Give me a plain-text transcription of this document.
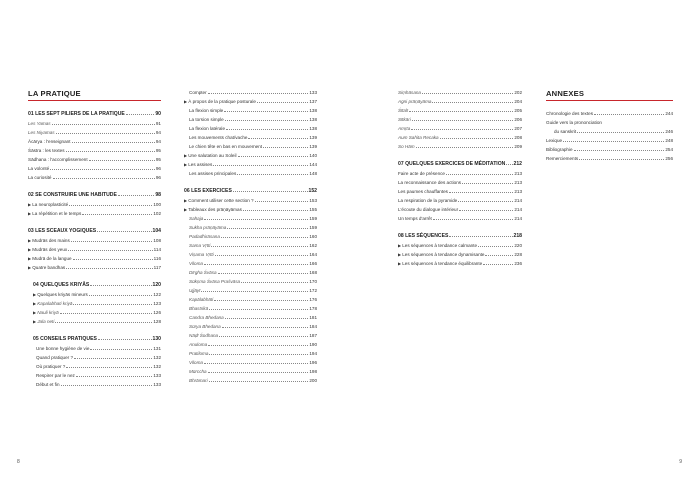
LA PRATIQUE
01 LES SEPT PILIERS DE LA PRATIQUE	90
Les Yamas	91
Les Niyamas	94
Ācārya : l'enseignant	94
Śāstra : les textes	95
Sādhana : l'accomplissement	95
La volonté	96
La curiosité	96
02 SE CONSTRUIRE UNE HABITUDE	98
▶ La neuroplasticité	100
▶ La répétition et le temps	102
03 LES SCEAUX YOGIQUES	104
▶ Mudrās des mains	108
▶ Mudrās des yeux	114
▶ Mudrā de la langue	116
▶ Quatre bandhas	117
04 QUELQUES KRIYĀS	120
▶ Quelques kriyās mineurs	122
▶ Kapalabhati kriyā	123
▶ Nauli kriyā	126
▶ Jala neti	128
05 CONSEILS PRATIQUES	130
Une bonne hygiène de vie	131
Quand pratiquer ?	132
Où pratiquer ?	132
Respirer par le nez	133
Début et fin	133
Compter	133
▶ À propos de la pratique posturale	137
La flexion simple	138
La torsion simple	138
La flexion latérale	138
Les mouvements chat/vache	139
Le chien tête en bas en mouvement	139
▶ Une salutation au Soleil	140
▶ Les assises	144
Les assises principales	148
06 LES EXERCICES	152
▶ Comment utiliser cette section ?	153
▶ Tableaux des prāṇāyāmas	155
Sahaja	159
Sukha prāṇāyāma	159
Padadhirāsana	160
Sama Vṛtti	162
Viṣama Vṛtti	164
Viloma	166
Dīrgha Śvāsa	168
Sūkṣma Śvāsa Praśvāsa	170
Ujjāyī	172
Kapālabhāti	176
Bhastrikā	178
Candra Bhedana	181
Sūrya Bhedana	184
Nāḍī Śodhana	187
Anuloma	190
Pratiloma	194
Vilomа	196
Mūrccha	198
Bhrāmari	200
Siṃhāsana	202
Agni prāṇāyāma	204
Śītalī	205
Sītkāri	206
Amṛta	207
Aum Sahita Recaka	208
So Hām	209
07 QUELQUES EXERCICES DE MÉDITATION 212
Faire acte de présence	213
La reconnaissance des actions	213
Les paumes chauffantes	213
La respiration de la pyramide	214
L'écoute du dialogue intérieur	214
Un temps d'arrêt	214
08 LES SÉQUENCES	218
▶ Les séquences à tendance calmante	220
▶ Les séquences à tendance dynamisante	228
▶ Les séquences à tendance équilibrante	236
ANNEXES
Chronologie des textes	244
Guide vers la prononciation
du sanskrit	246
Lexique	248
Bibliographie	254
Remerciements	256
8	9
